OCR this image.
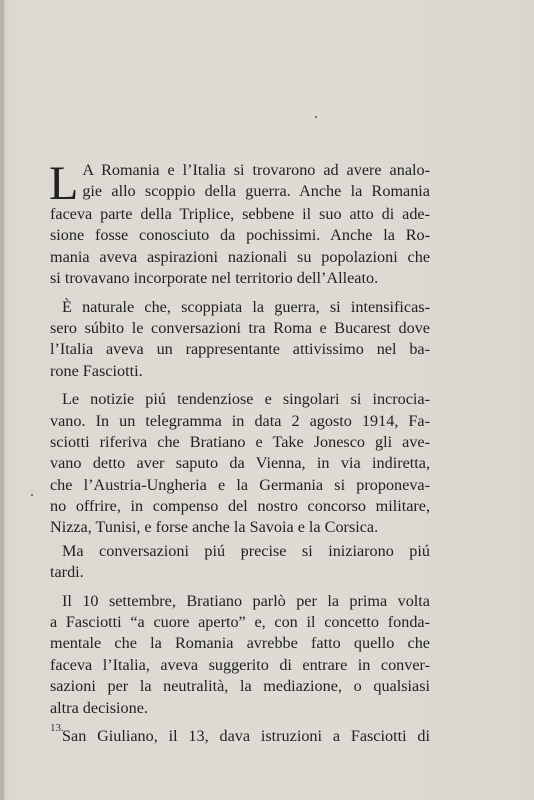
L A Romania e l’Italia si trovarono ad avere analo-
gie allo scoppio della guerra. Anche la Romania
faceva parte della Triplice, sebbene il suo atto di ade-
sione fosse conosciuto da pochissimi. Anche la Ro-
mania aveva aspirazioni nazionali su popolazioni che
si trovavano incorporate nel territorio dell’Alleato.
È naturale che, scoppiata la guerra, si intensificas-
sero súbito le conversazioni tra Roma e Bucarest dove
l’Italia aveva un rappresentante attivissimo nel ba-
rone Fasciotti.
Le notizie piú tendenziose e singolari si incrocia-
vano. In un telegramma in data 2 agosto 1914, Fa-
sciotti riferiva che Bratiano e Take Jonesco gli ave-
vano detto aver saputo da Vienna, in via indiretta,
che l’Austria-Ungheria e la Germania si proponeva-
no offrire, in compenso del nostro concorso militare,
Nizza, Tunisi, e forse anche la Savoia e la Corsica.
Ma conversazioni piú precise si iniziarono piú
tardi.
Il 10 settembre, Bratiano parlò per la prima volta
a Fasciotti “a cuore aperto” e, con il concetto fonda-
mentale che la Romania avrebbe fatto quello che
faceva l’Italia, aveva suggerito di entrare in conver-
sazioni per la neutralità, la mediazione, o qualsiasi
altra decisione.
San Giuliano, il 13, dava istruzioni a Fasciotti di
13.
